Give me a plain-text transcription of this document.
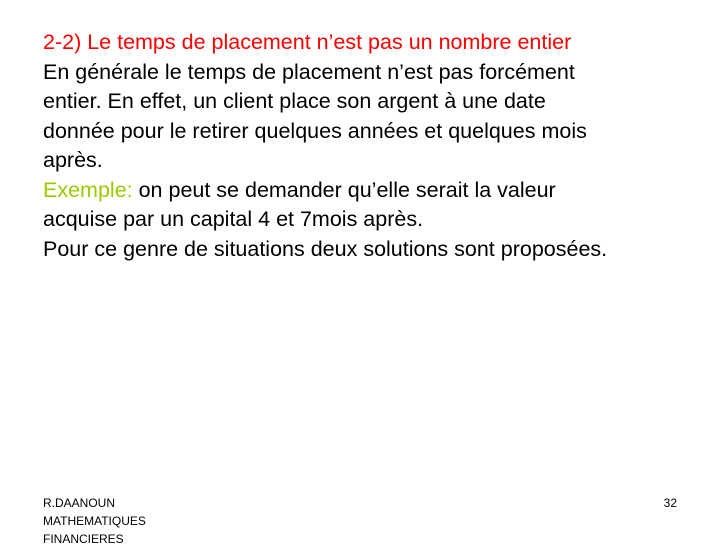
2-2) Le temps de placement n’est pas un nombre entier
En générale le temps de placement n’est pas forcément
entier. En effet, un client place son argent à une date
donnée pour le retirer quelques années et quelques mois
après.
Exemple: on peut se demander qu’elle serait la valeur
acquise par un capital 4 et 7mois après.
Pour ce genre de situations deux solutions sont proposées.
R.DAANOUN
MATHEMATIQUES
FINANCIERES
32
